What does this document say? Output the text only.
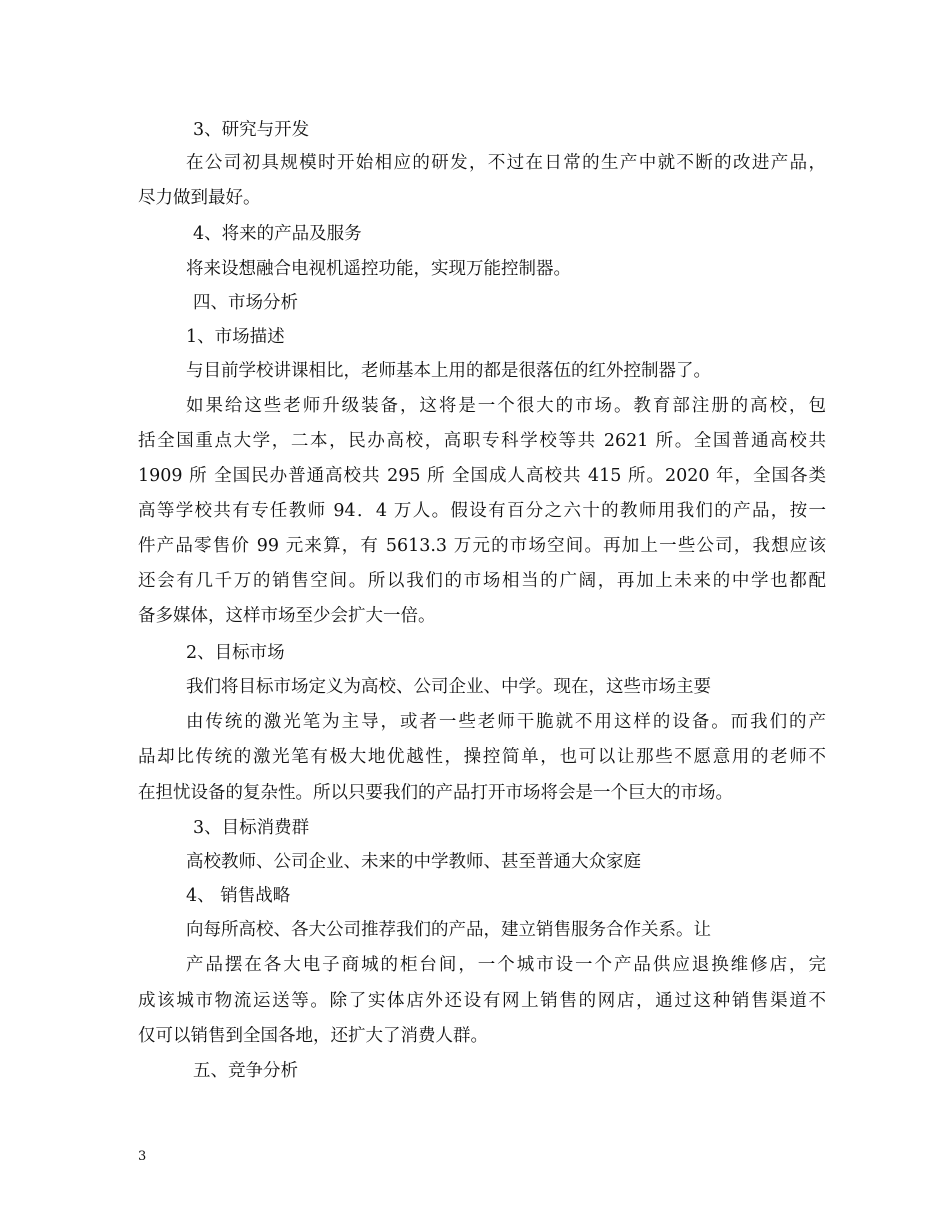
3、研究与开发
在公司初具规模时开始相应的研发，不过在日常的生产中就不断的改进产品，
尽力做到最好。
4、将来的产品及服务
将来设想融合电视机遥控功能，实现万能控制器。
四、市场分析
1、市场描述
与目前学校讲课相比，老师基本上用的都是很落伍的红外控制器了。
如果给这些老师升级装备，这将是一个很大的市场。教育部注册的高校，包
括全国重点大学，二本，民办高校，高职专科学校等共 2621 所。全国普通高校共
1909 所 全国民办普通高校共 295 所 全国成人高校共 415 所。2020 年，全国各类
高等学校共有专任教师 94．4 万人。假设有百分之六十的教师用我们的产品，按一
件产品零售价 99 元来算，有 5613.3 万元的市场空间。再加上一些公司，我想应该
还会有几千万的销售空间。所以我们的市场相当的广阔，再加上未来的中学也都配
备多媒体，这样市场至少会扩大一倍。
2、目标市场
我们将目标市场定义为高校、公司企业、中学。现在，这些市场主要
由传统的激光笔为主导，或者一些老师干脆就不用这样的设备。而我们的产
品却比传统的激光笔有极大地优越性，操控简单，也可以让那些不愿意用的老师不
在担忧设备的复杂性。所以只要我们的产品打开市场将会是一个巨大的市场。
3、目标消费群
高校教师、公司企业、未来的中学教师、甚至普通大众家庭
4、 销售战略
向每所高校、各大公司推荐我们的产品，建立销售服务合作关系。让
产品摆在各大电子商城的柜台间，一个城市设一个产品供应退换维修店，完
成该城市物流运送等。除了实体店外还设有网上销售的网店，通过这种销售渠道不
仅可以销售到全国各地，还扩大了消费人群。
五、竞争分析
3
